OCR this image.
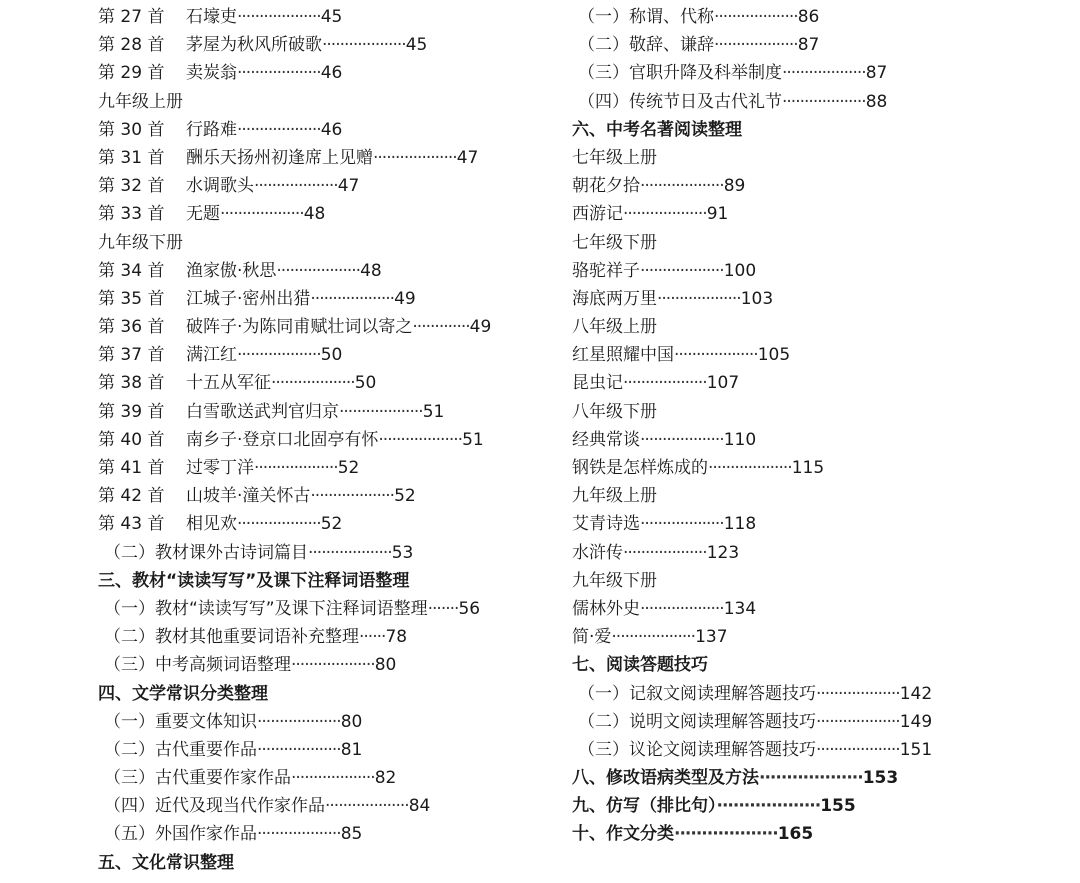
第 27 首 石壕吏···················45
第 28 首 茅屋为秋风所破歌···················45
第 29 首 卖炭翁···················46
九年级上册
第 30 首 行路难···················46
第 31 首 酬乐天扬州初逢席上见赠···················47
第 32 首 水调歌头···················47
第 33 首 无题···················48
九年级下册
第 34 首 渔家傲·秋思···················48
第 35 首 江城子·密州出猎···················49
第 36 首 破阵子·为陈同甫赋壮词以寄之·············49
第 37 首 满江红···················50
第 38 首 十五从军征···················50
第 39 首 白雪歌送武判官归京···················51
第 40 首 南乡子·登京口北固亭有怀···················51
第 41 首 过零丁洋···················52
第 42 首 山坡羊·潼关怀古···················52
第 43 首 相见欢···················52
（二）教材课外古诗词篇目···················53
三、教材“读读写写”及课下注释词语整理
（一）教材“读读写写”及课下注释词语整理·······56
（二）教材其他重要词语补充整理······78
（三）中考高频词语整理···················80
四、文学常识分类整理
（一）重要文体知识···················80
（二）古代重要作品···················81
（三）古代重要作家作品···················82
（四）近代及现当代作家作品···················84
（五）外国作家作品···················85
五、文化常识整理
（一）称谓、代称···················86
（二）敬辞、谦辞···················87
（三）官职升降及科举制度···················87
（四）传统节日及古代礼节···················88
六、中考名著阅读整理
七年级上册
朝花夕拾···················89
西游记···················91
七年级下册
骆驼祥子···················100
海底两万里···················103
八年级上册
红星照耀中国···················105
昆虫记···················107
八年级下册
经典常谈···················110
钢铁是怎样炼成的···················115
九年级上册
艾青诗选···················118
水浒传···················123
九年级下册
儒林外史···················134
简·爱···················137
七、阅读答题技巧
（一）记叙文阅读理解答题技巧···················142
（二）说明文阅读理解答题技巧···················149
（三）议论文阅读理解答题技巧···················151
八、修改语病类型及方法···················153
九、仿写（排比句）···················155
十、作文分类···················165
